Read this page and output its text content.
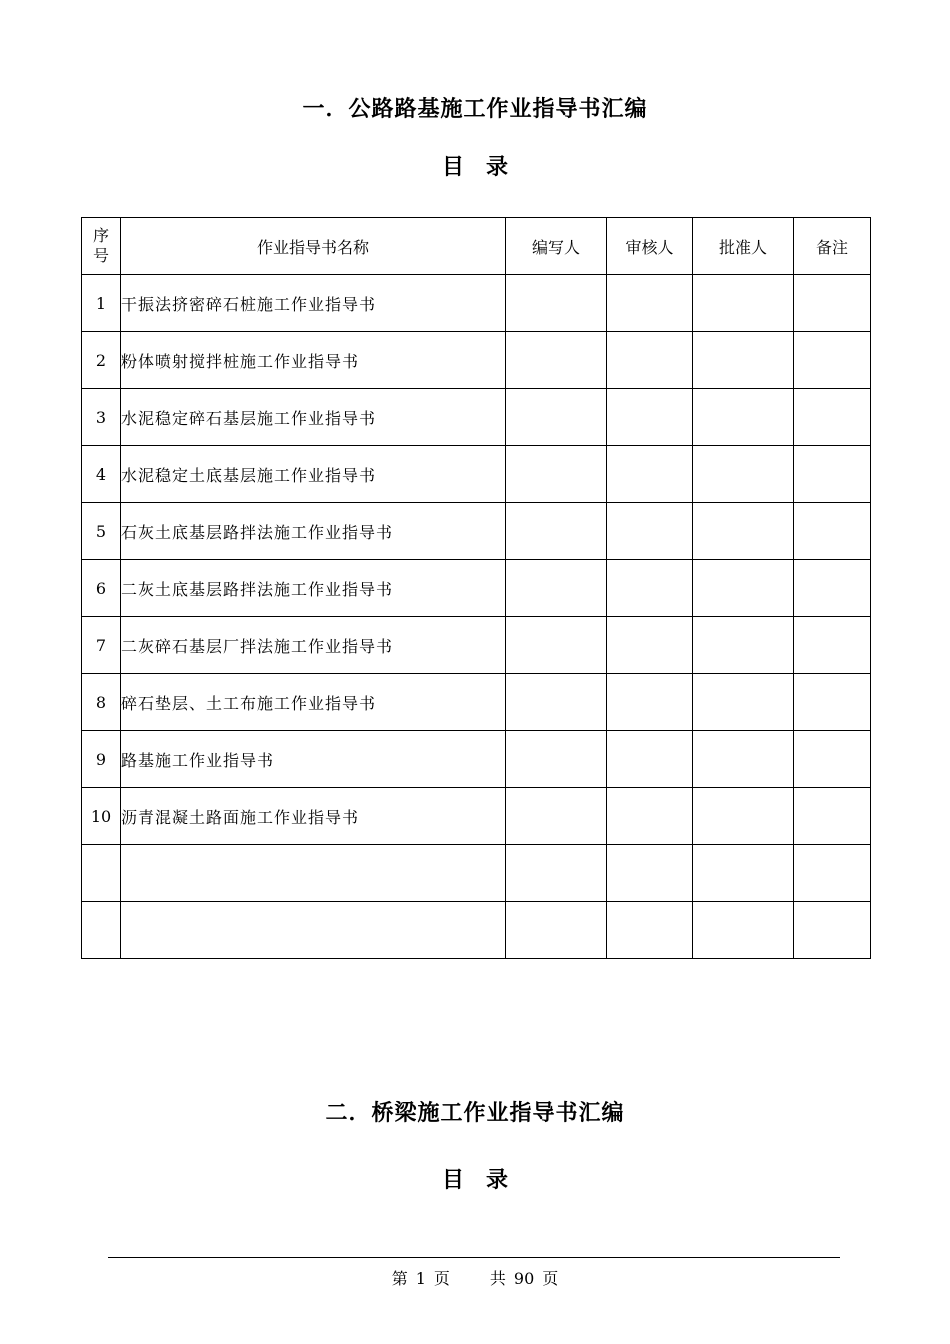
一．公路路基施工作业指导书汇编
目　录
序号	作业指导书名称	编写人	审核人	批准人	备注
1	干振法挤密碎石桩施工作业指导书				
2	粉体喷射搅拌桩施工作业指导书				
3	水泥稳定碎石基层施工作业指导书				
4	水泥稳定土底基层施工作业指导书				
5	石灰土底基层路拌法施工作业指导书				
6	二灰土底基层路拌法施工作业指导书				
7	二灰碎石基层厂拌法施工作业指导书				
8	碎石垫层、土工布施工作业指导书				
9	路基施工作业指导书				
10	沥青混凝土路面施工作业指导书				

二．桥梁施工作业指导书汇编
目　录
第 1 页	共 90 页
